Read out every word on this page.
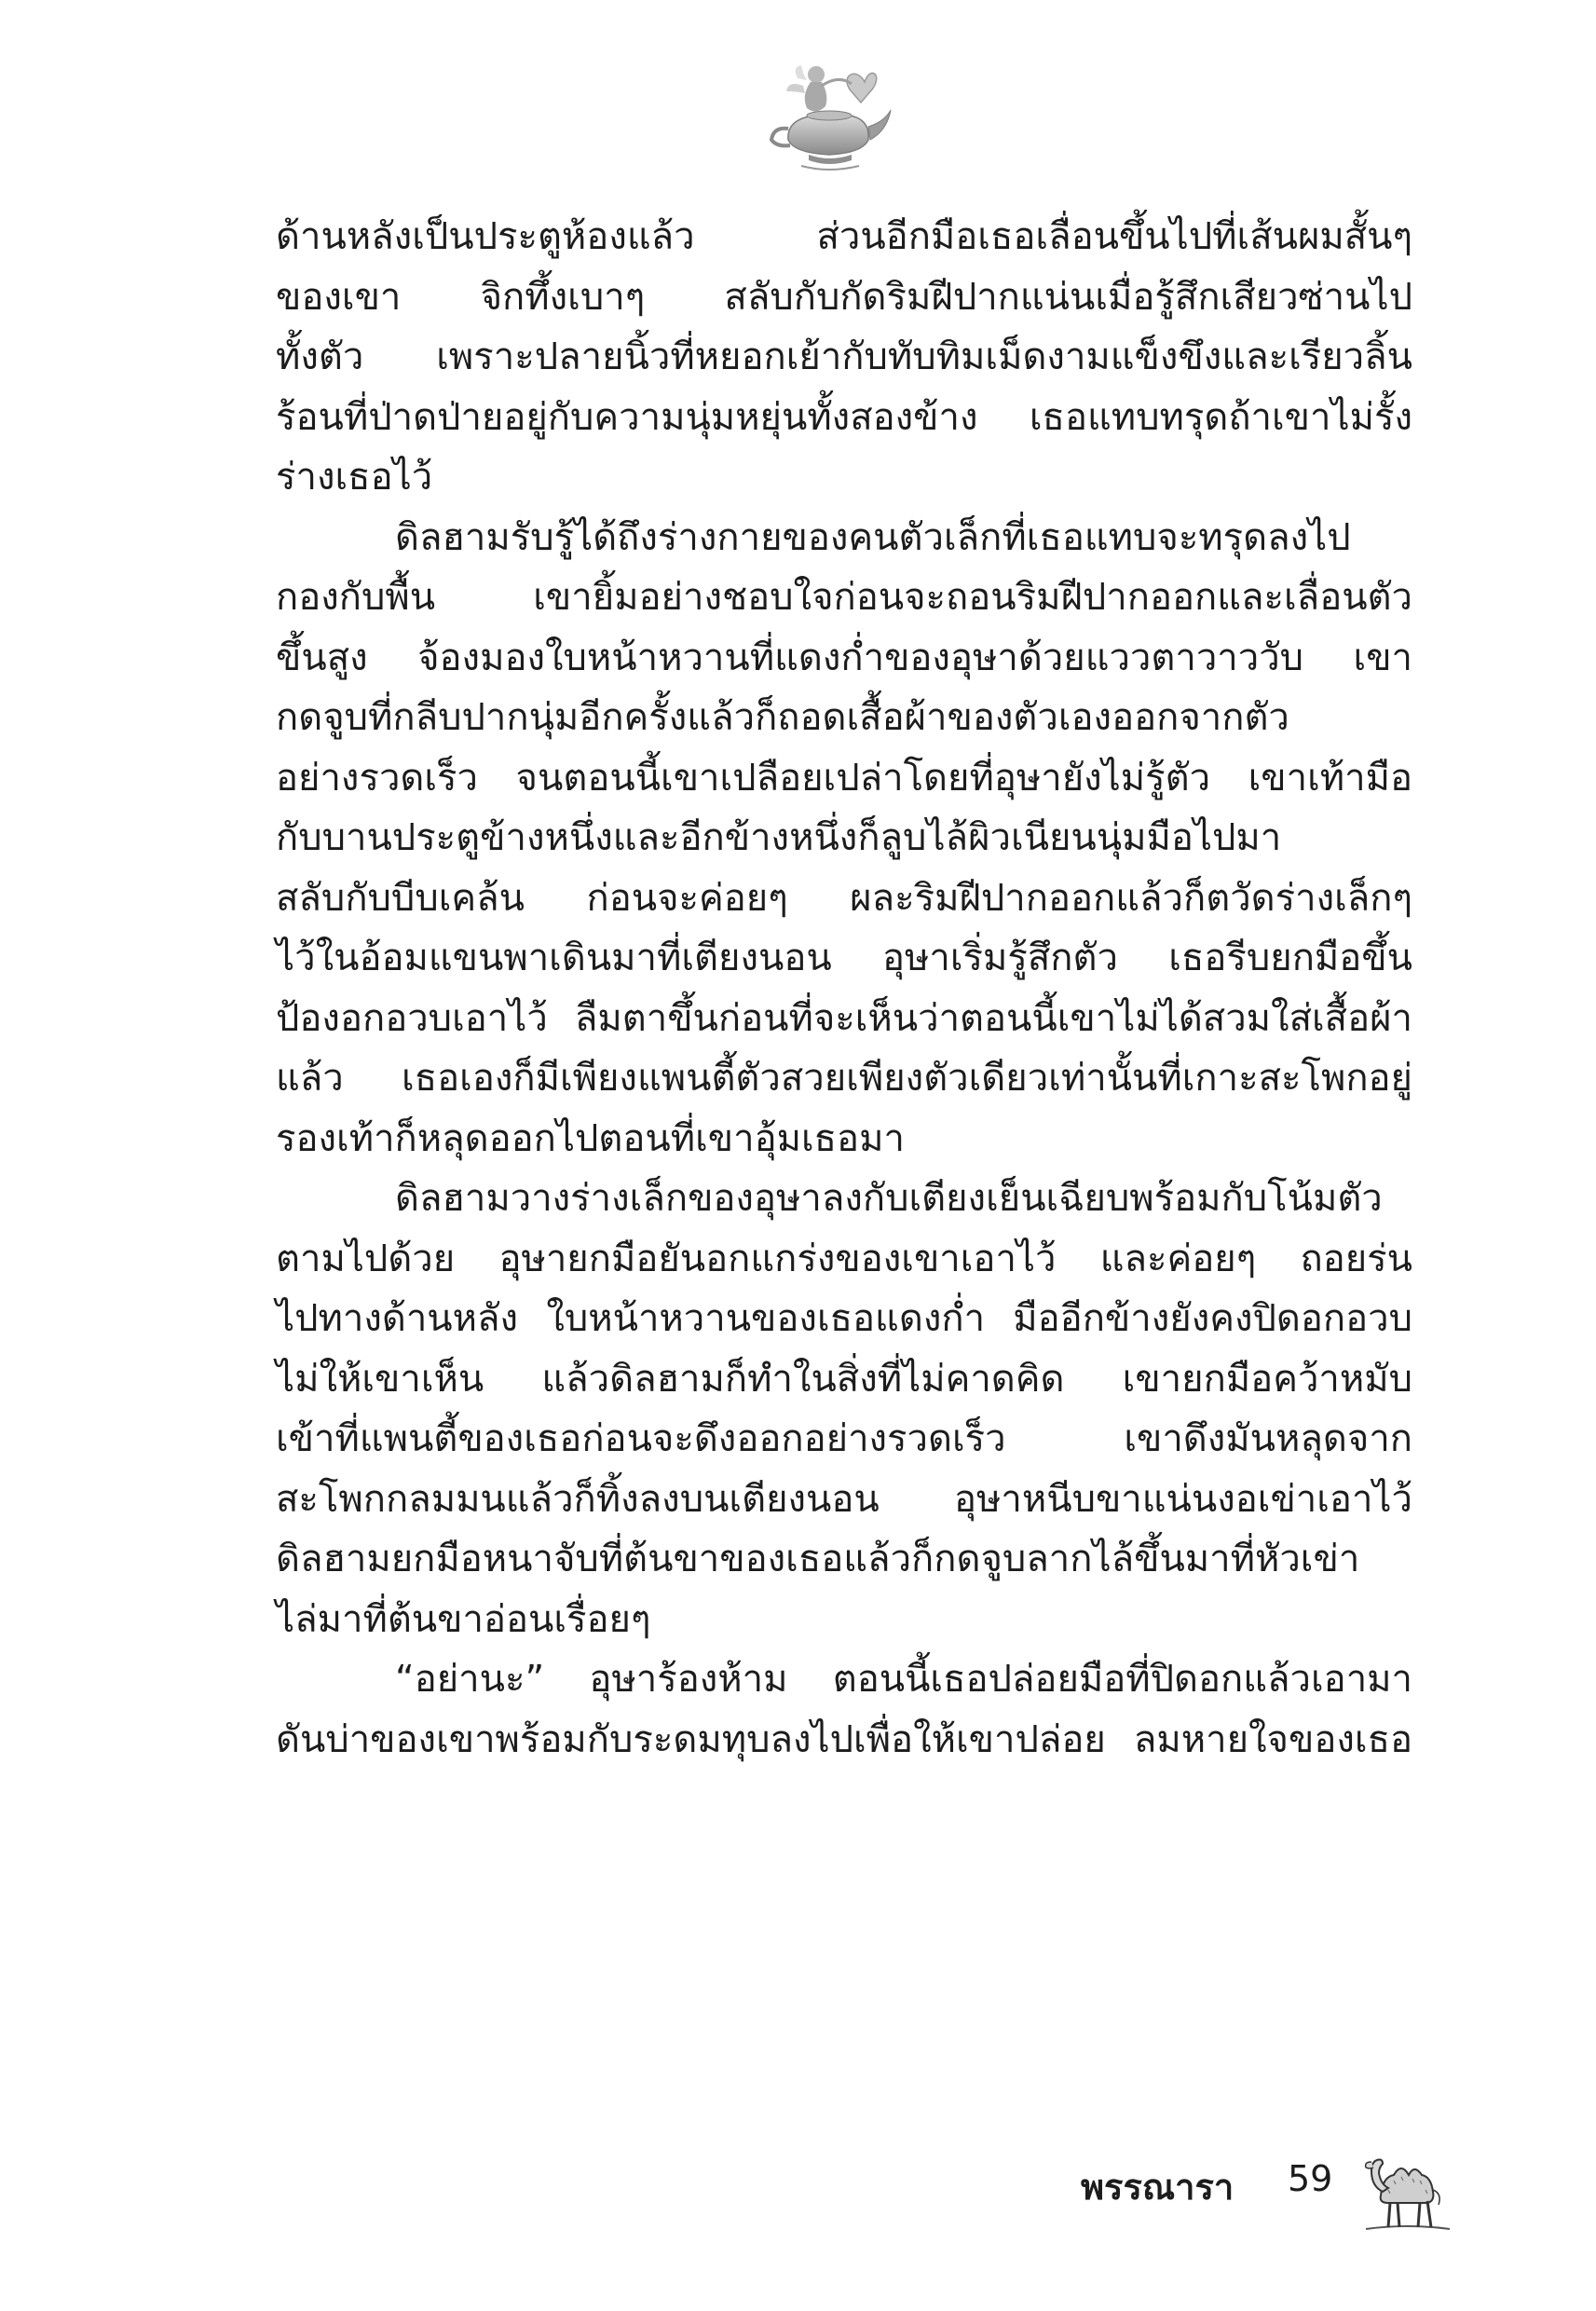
ด้านหลังเป็นประตูห้องแล้ว ส่วนอีกมือเธอเลื่อนขึ้นไปที่เส้นผมสั้นๆ
ของเขา จิกทึ้งเบาๆ สลับกับกัดริมฝีปากแน่นเมื่อรู้สึกเสียวซ่านไป
ทั้งตัว เพราะปลายนิ้วที่หยอกเย้ากับทับทิมเม็ดงามแข็งขึงและเรียวลิ้น
ร้อนที่ป่าดป่ายอยู่กับความนุ่มหยุ่นทั้งสองข้าง เธอแทบทรุดถ้าเขาไม่รั้ง
ร่างเธอไว้
ดิลฮามรับรู้ได้ถึงร่างกายของคนตัวเล็กที่เธอแทบจะทรุดลงไป
กองกับพื้น เขายิ้มอย่างชอบใจก่อนจะถอนริมฝีปากออกและเลื่อนตัว
ขึ้นสูง จ้องมองใบหน้าหวานที่แดงก่ำของอุษาด้วยแววตาวาววับ เขา
กดจูบที่กลีบปากนุ่มอีกครั้งแล้วก็ถอดเสื้อผ้าของตัวเองออกจากตัว
อย่างรวดเร็ว จนตอนนี้เขาเปลือยเปล่าโดยที่อุษายังไม่รู้ตัว เขาเท้ามือ
กับบานประตูข้างหนึ่งและอีกข้างหนึ่งก็ลูบไล้ผิวเนียนนุ่มมือไปมา
สลับกับบีบเคล้น ก่อนจะค่อยๆ ผละริมฝีปากออกแล้วก็ตวัดร่างเล็กๆ
ไว้ในอ้อมแขนพาเดินมาที่เตียงนอน อุษาเริ่มรู้สึกตัว เธอรีบยกมือขึ้น
ป้องอกอวบเอาไว้ ลืมตาขึ้นก่อนที่จะเห็นว่าตอนนี้เขาไม่ได้สวมใส่เสื้อผ้า
แล้ว เธอเองก็มีเพียงแพนตี้ตัวสวยเพียงตัวเดียวเท่านั้นที่เกาะสะโพกอยู่
รองเท้าก็หลุดออกไปตอนที่เขาอุ้มเธอมา
ดิลฮามวางร่างเล็กของอุษาลงกับเตียงเย็นเฉียบพร้อมกับโน้มตัว
ตามไปด้วย อุษายกมือยันอกแกร่งของเขาเอาไว้ และค่อยๆ ถอยร่น
ไปทางด้านหลัง ใบหน้าหวานของเธอแดงก่ำ มืออีกข้างยังคงปิดอกอวบ
ไม่ให้เขาเห็น แล้วดิลฮามก็ทำในสิ่งที่ไม่คาดคิด เขายกมือคว้าหมับ
เข้าที่แพนตี้ของเธอก่อนจะดึงออกอย่างรวดเร็ว เขาดึงมันหลุดจาก
สะโพกกลมมนแล้วก็ทิ้งลงบนเตียงนอน อุษาหนีบขาแน่นงอเข่าเอาไว้
ดิลฮามยกมือหนาจับที่ต้นขาของเธอแล้วก็กดจูบลากไล้ขึ้นมาที่หัวเข่า
ไล่มาที่ต้นขาอ่อนเรื่อยๆ
“อย่านะ” อุษาร้องห้าม ตอนนี้เธอปล่อยมือที่ปิดอกแล้วเอามา
ดันบ่าของเขาพร้อมกับระดมทุบลงไปเพื่อให้เขาปล่อย ลมหายใจของเธอ
พรรณารา 59
